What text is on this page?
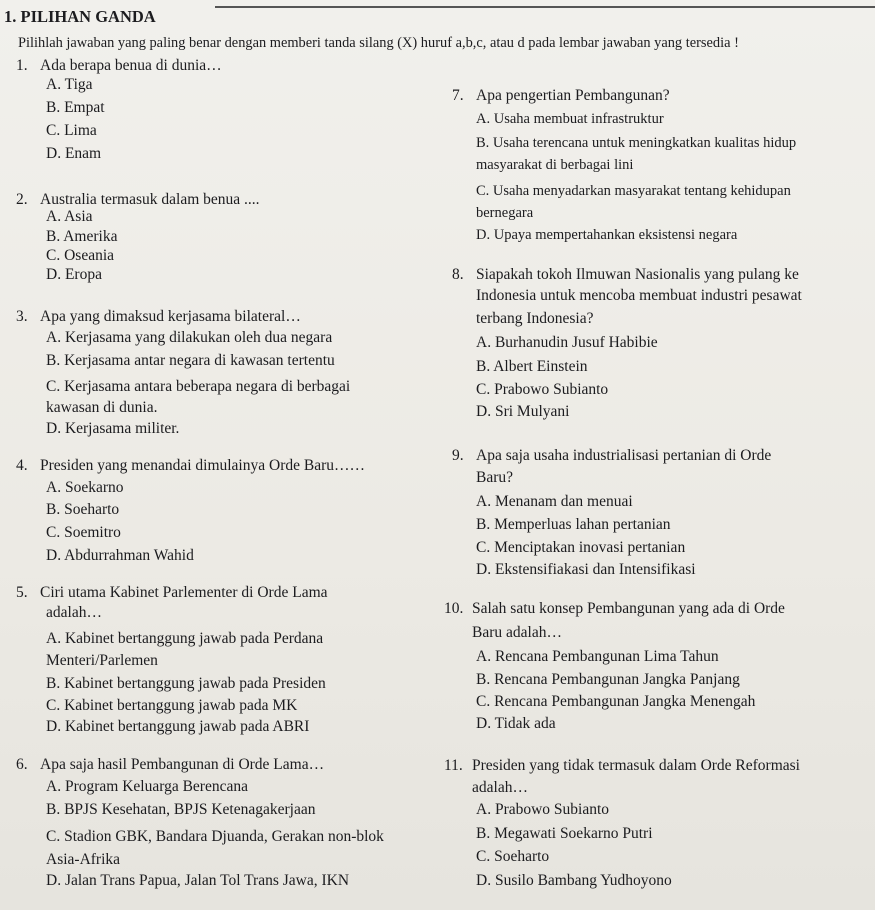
1. PILIHAN GANDA
Pilihlah jawaban yang paling benar dengan memberi tanda silang (X) huruf a,b,c, atau d pada lembar jawaban yang tersedia !
1. Ada berapa benua di dunia…
A. Tiga
B. Empat
C. Lima
D. Enam
2. Australia termasuk dalam benua ....
A. Asia
B. Amerika
C. Oseania
D. Eropa
3. Apa yang dimaksud kerjasama bilateral…
A. Kerjasama yang dilakukan oleh dua negara
B. Kerjasama antar negara di kawasan tertentu
C. Kerjasama antara beberapa negara di berbagai kawasan di dunia.
D. Kerjasama militer.
4. Presiden yang menandai dimulainya Orde Baru……
A. Soekarno
B. Soeharto
C. Soemitro
D. Abdurrahman Wahid
5. Ciri utama Kabinet Parlementer di Orde Lama
adalah…
A. Kabinet bertanggung jawab pada Perdana Menteri/Parlemen
B. Kabinet bertanggung jawab pada Presiden
C. Kabinet bertanggung jawab pada MK
D. Kabinet bertanggung jawab pada ABRI
6. Apa saja hasil Pembangunan di Orde Lama…
A. Program Keluarga Berencana
B. BPJS Kesehatan, BPJS Ketenagakerjaan
C. Stadion GBK, Bandara Djuanda, Gerakan non-blok Asia-Afrika
D. Jalan Trans Papua, Jalan Tol Trans Jawa, IKN
7. Apa pengertian Pembangunan?
A. Usaha membuat infrastruktur
B. Usaha terencana untuk meningkatkan kualitas hidup masyarakat di berbagai lini
C. Usaha menyadarkan masyarakat tentang kehidupan bernegara
D. Upaya mempertahankan eksistensi negara
8. Siapakah tokoh Ilmuwan Nasionalis yang pulang ke
Indonesia untuk mencoba membuat industri pesawat
terbang Indonesia?
A. Burhanudin Jusuf Habibie
B. Albert Einstein
C. Prabowo Subianto
D. Sri Mulyani
9. Apa saja usaha industrialisasi pertanian di Orde
Baru?
A. Menanam dan menuai
B. Memperluas lahan pertanian
C. Menciptakan inovasi pertanian
D. Ekstensifiakasi dan Intensifikasi
10. Salah satu konsep Pembangunan yang ada di Orde
Baru adalah…
A. Rencana Pembangunan Lima Tahun
B. Rencana Pembangunan Jangka Panjang
C. Rencana Pembangunan Jangka Menengah
D. Tidak ada
11. Presiden yang tidak termasuk dalam Orde Reformasi
adalah…
A. Prabowo Subianto
B. Megawati Soekarno Putri
C. Soeharto
D. Susilo Bambang Yudhoyono
